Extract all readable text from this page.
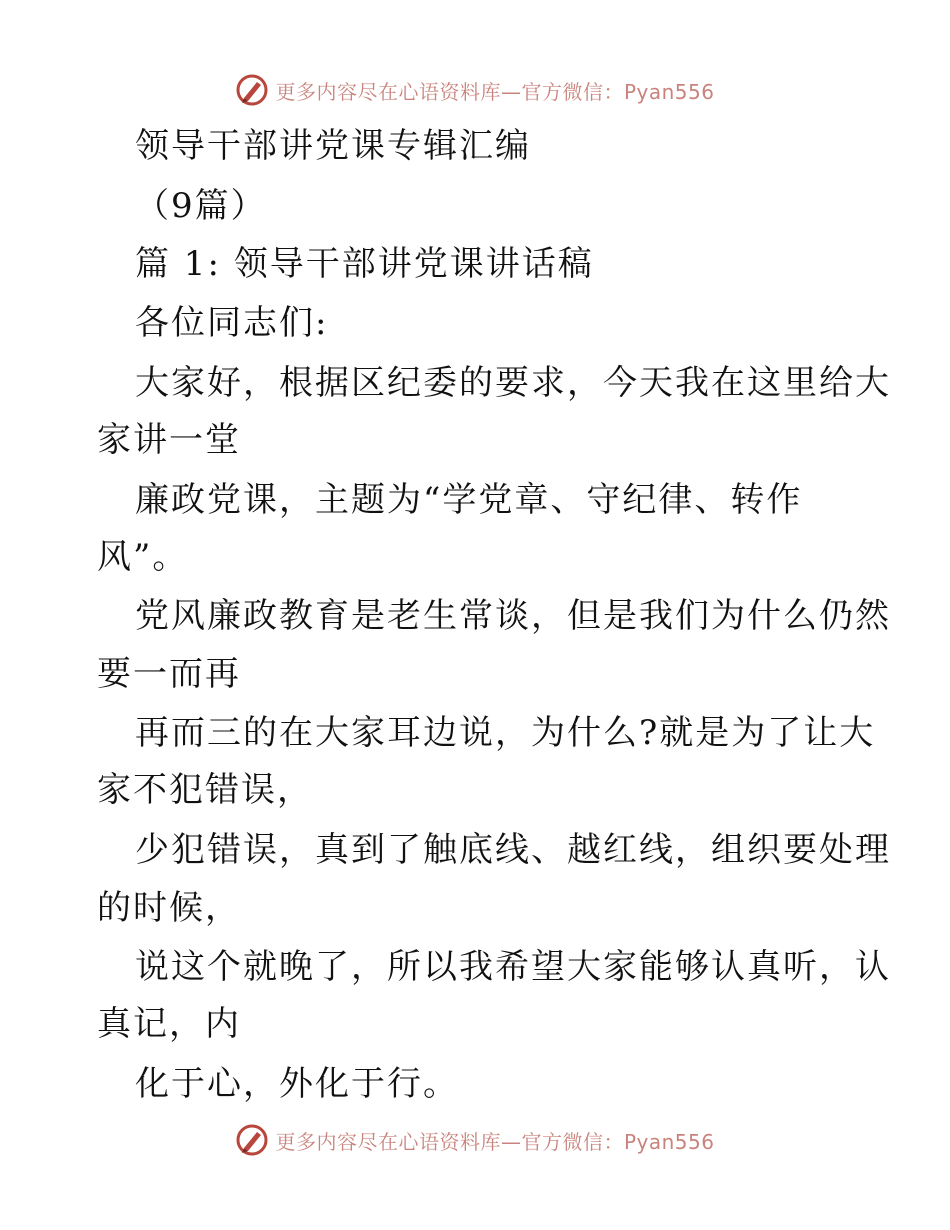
更多内容尽在心语资料库—官方微信：Pyan556
领导干部讲党课专辑汇编
（9篇）
篇 1: 领导干部讲党课讲话稿
各位同志们:
大家好，根据区纪委的要求，今天我在这里给大
家讲一堂
廉政党课，主题为“学党章、守纪律、转作
风”。
党风廉政教育是老生常谈，但是我们为什么仍然
要一而再
再而三的在大家耳边说，为什么?就是为了让大
家不犯错误，
少犯错误，真到了触底线、越红线，组织要处理
的时候，
说这个就晚了，所以我希望大家能够认真听，认
真记，内
化于心，外化于行。
更多内容尽在心语资料库—官方微信：Pyan556
